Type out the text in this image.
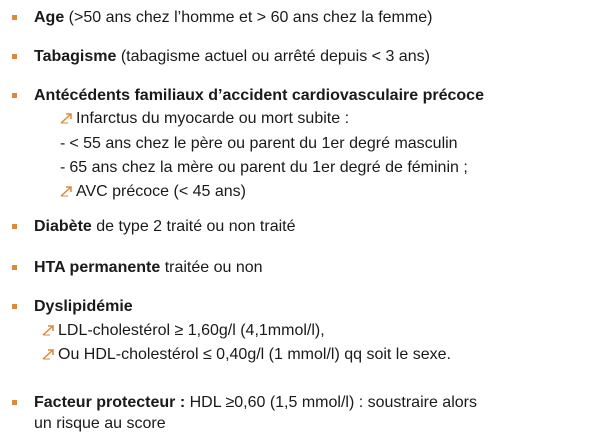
Age (>50 ans chez l’homme et > 60 ans chez la femme)
Tabagisme (tabagisme actuel ou arrêté depuis < 3 ans)
Antécédents familiaux d’accident cardiovasculaire précoce
Infarctus du myocarde ou mort subite :
- < 55 ans chez le père ou parent du 1er degré masculin
- 65 ans chez la mère ou parent du 1er degré de féminin ;
AVC précoce (< 45 ans)
Diabète de type 2 traité ou non traité
HTA permanente traitée ou non
Dyslipidémie
LDL-cholestérol ≥ 1,60g/l (4,1mmol/l),
Ou HDL-cholestérol ≤ 0,40g/l (1 mmol/l) qq soit le sexe.
Facteur protecteur : HDL ≥0,60 (1,5 mmol/l) : soustraire alors
un risque au score
